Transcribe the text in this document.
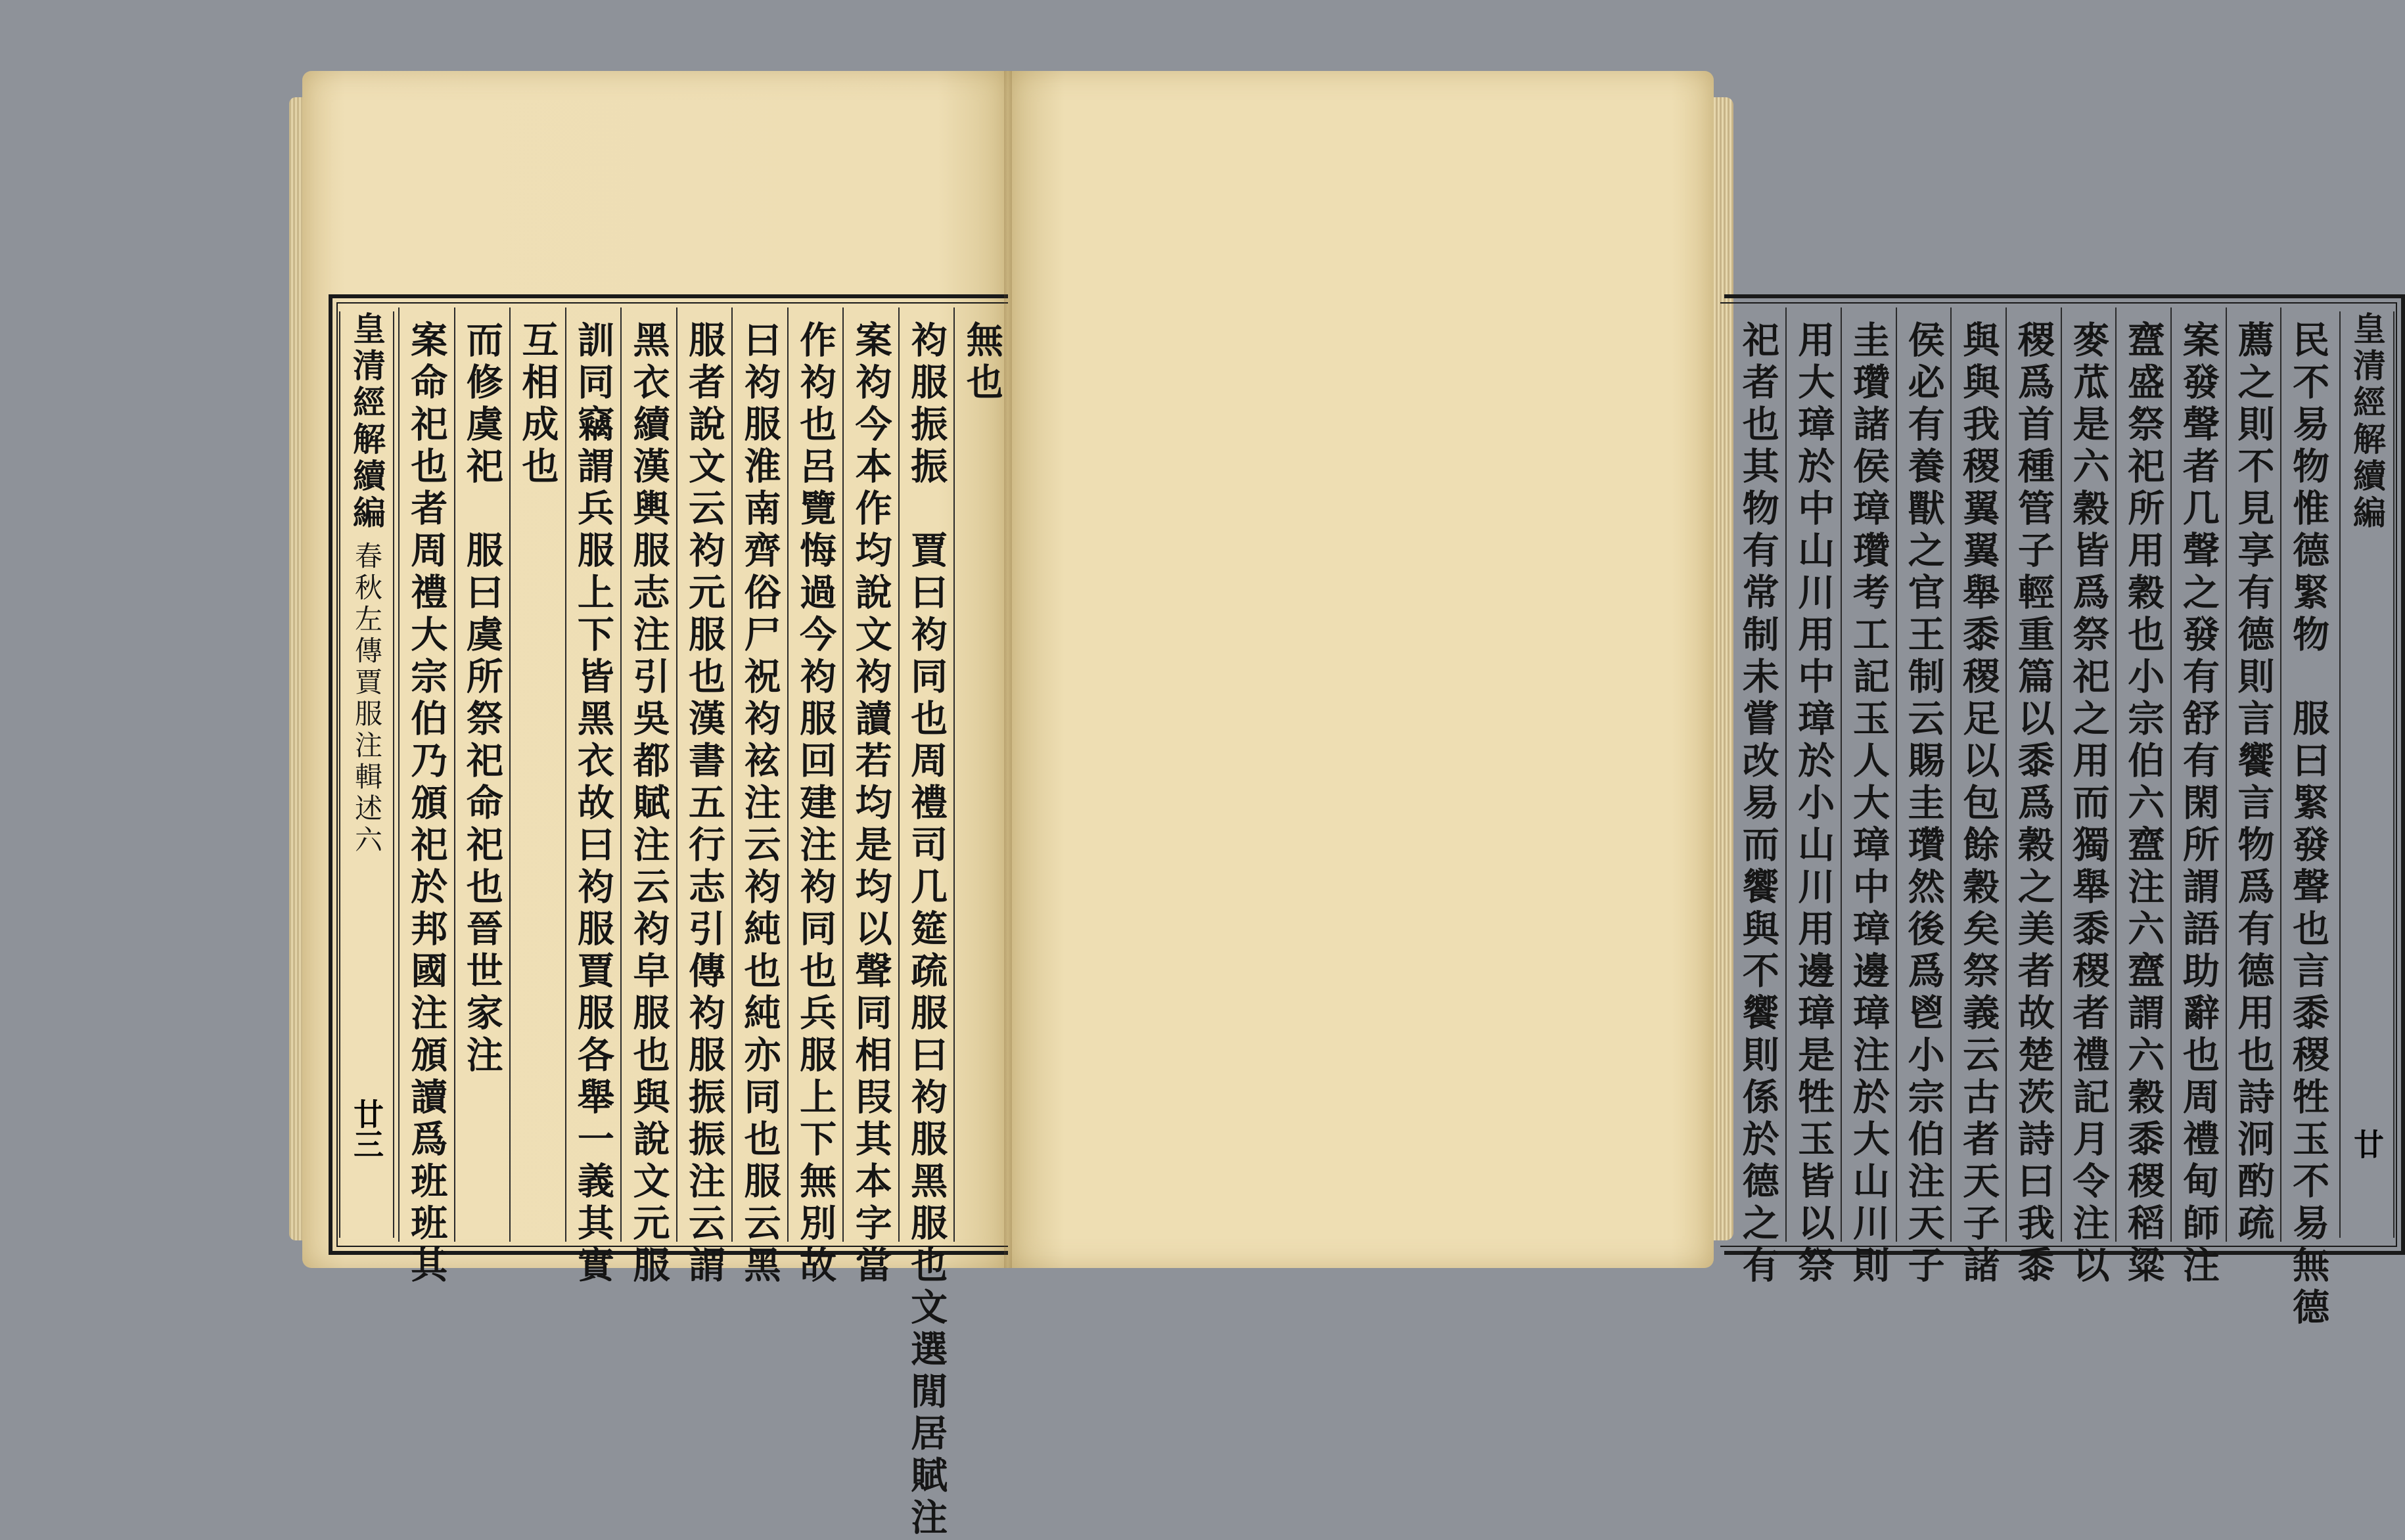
皇清經解續編
春秋左傳賈服注輯述六
廿三
無也
袀服振振　賈曰袀同也周禮司几筵疏服曰袀服黑服也文選閒居賦注
案袀今本作均說文袀讀若均是均以聲同相叚其本字當
作袀也呂覽悔過今袀服回建注袀同也兵服上下無別故
曰袀服淮南齊俗尸祝袀袨注云袀純也純亦同也服云黑
服者說文云袀元服也漢書五行志引傳袀服振振注云謂
黑衣續漢輿服志注引吳都賦注云袀皁服也與說文元服
訓同竊謂兵服上下皆黑衣故曰袀服賈服各舉一義其實
互相成也
而修虞祀　服曰虞所祭祀命祀也晉世家注
案命祀也者周禮大宗伯乃頒祀於邦國注頒讀爲班班其	民不易物惟德緊物　服曰緊發聲也言黍稷牲玉不易無德
薦之則不見享有德則言饗言物爲有德用也詩泂酌疏
案發聲者几聲之發有舒有閑所謂語助辭也周禮甸師注
齍盛祭祀所用穀也小宗伯六齍注六齍謂六穀黍稷稻粱
麥苽是六穀皆爲祭祀之用而獨舉黍稷者禮記月令注以
稷爲首種管子輕重篇以黍爲穀之美者故楚茨詩曰我黍
與與我稷翼翼舉黍稷足以包餘穀矣祭義云古者天子諸
侯必有養獸之官王制云賜圭瓚然後爲鬯小宗伯注天子
圭瓚諸侯璋瓚考工記玉人大璋中璋邊璋注於大山川則
用大璋於中山川用中璋於小山川用邊璋是牲玉皆以祭
祀者也其物有常制未嘗改易而饗與不饗則係於德之有	皇清經解續編
廿
